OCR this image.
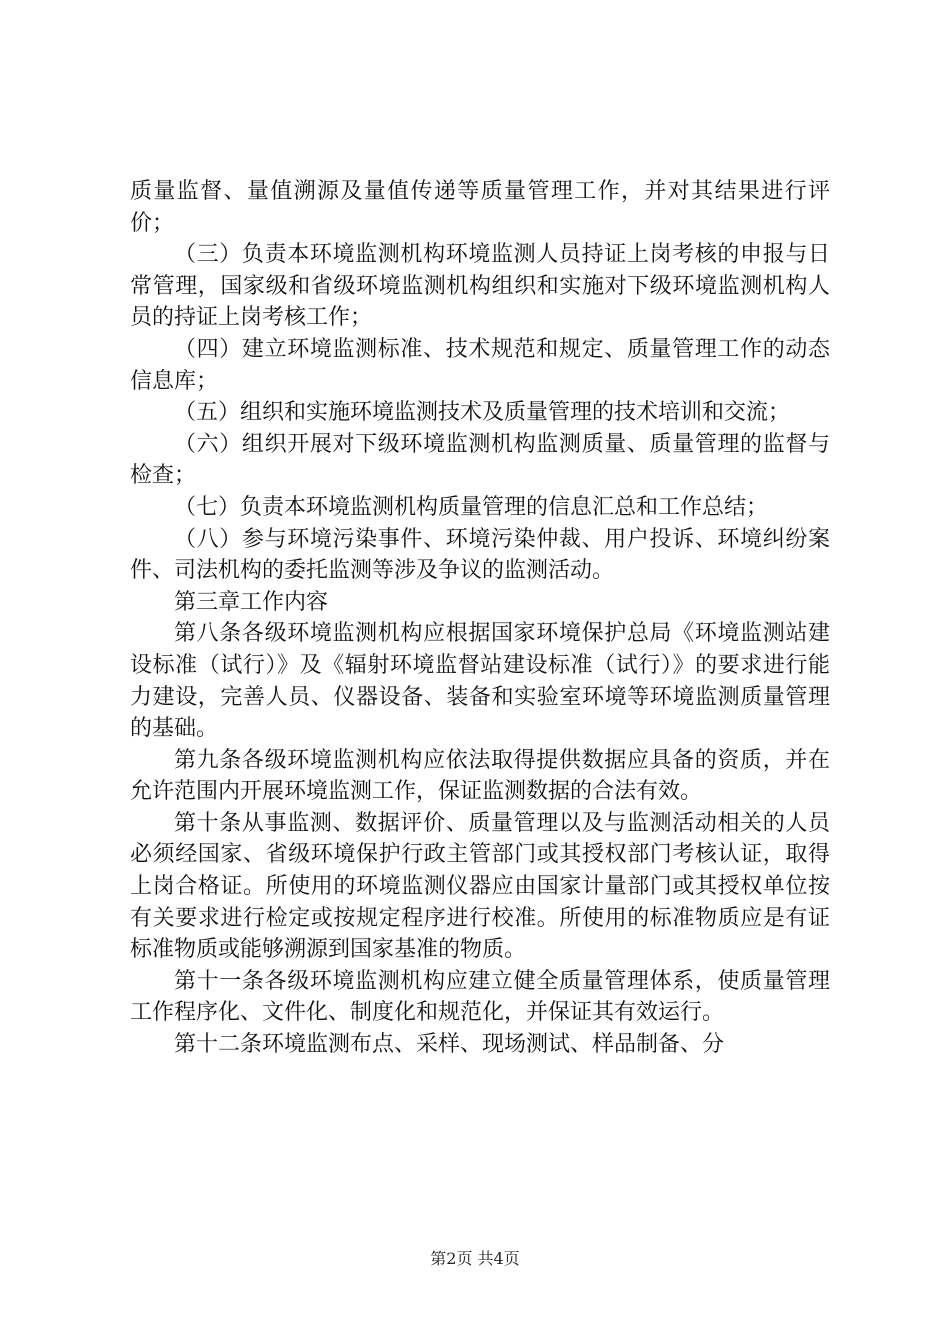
质量监督、量值溯源及量值传递等质量管理工作，并对其结果进行评价；

（三）负责本环境监测机构环境监测人员持证上岗考核的申报与日常管理，国家级和省级环境监测机构组织和实施对下级环境监测机构人员的持证上岗考核工作；

（四）建立环境监测标准、技术规范和规定、质量管理工作的动态信息库；

（五）组织和实施环境监测技术及质量管理的技术培训和交流；

（六）组织开展对下级环境监测机构监测质量、质量管理的监督与检查；

（七）负责本环境监测机构质量管理的信息汇总和工作总结；

（八）参与环境污染事件、环境污染仲裁、用户投诉、环境纠纷案件、司法机构的委托监测等涉及争议的监测活动。

第三章工作内容

第八条各级环境监测机构应根据国家环境保护总局《环境监测站建设标准（试行）》及《辐射环境监督站建设标准（试行）》的要求进行能力建设，完善人员、仪器设备、装备和实验室环境等环境监测质量管理的基础。

第九条各级环境监测机构应依法取得提供数据应具备的资质，并在允许范围内开展环境监测工作，保证监测数据的合法有效。

第十条从事监测、数据评价、质量管理以及与监测活动相关的人员必须经国家、省级环境保护行政主管部门或其授权部门考核认证，取得上岗合格证。所使用的环境监测仪器应由国家计量部门或其授权单位按有关要求进行检定或按规定程序进行校准。所使用的标准物质应是有证标准物质或能够溯源到国家基准的物质。

第十一条各级环境监测机构应建立健全质量管理体系，使质量管理工作程序化、文件化、制度化和规范化，并保证其有效运行。

第十二条环境监测布点、采样、现场测试、样品制备、分

第2页 共4页
